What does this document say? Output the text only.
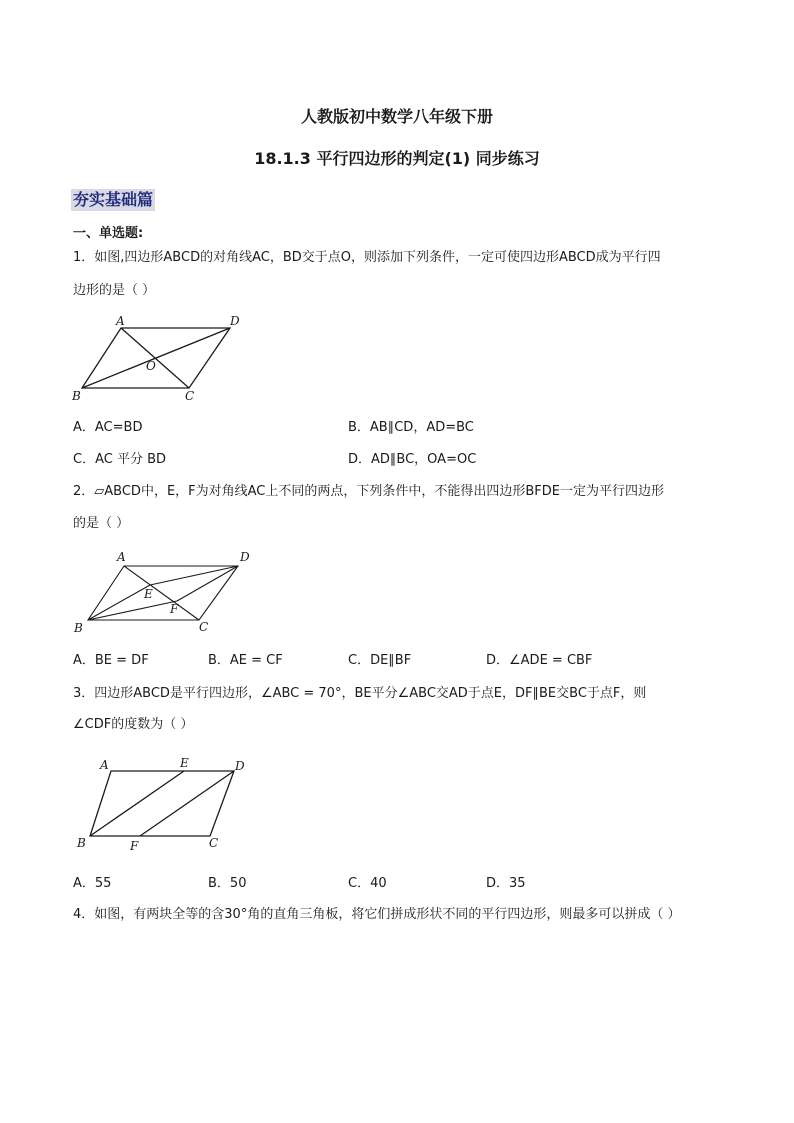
人教版初中数学八年级下册
18.1.3 平行四边形的判定(1) 同步练习
夯实基础篇
一、单选题:
1．如图,四边形ABCD的对角线AC，BD交于点O，则添加下列条件，一定可使四边形ABCD成为平行四
边形的是（ ）
A	D
B	C
O
A．AC=BD	B．AB∥CD，AD=BC
C．AC 平分 BD	D．AD∥BC，OA=OC
2．▱ABCD中，E，F为对角线AC上不同的两点，下列条件中，不能得出四边形BFDE一定为平行四边形
的是（ ）
A	D
B	C
E
F
A．BE = DF	B．AE = CF	C．DE∥BF	D．∠ADE = CBF
3．四边形ABCD是平行四边形，∠ABC = 70°，BE平分∠ABC交AD于点E，DF∥BE交BC于点F，则
∠CDF的度数为（ ）
A	E	D
B	F	C
A．55	B．50	C．40	D．35
4．如图，有两块全等的含30°角的直角三角板，将它们拼成形状不同的平行四边形，则最多可以拼成（ ）
